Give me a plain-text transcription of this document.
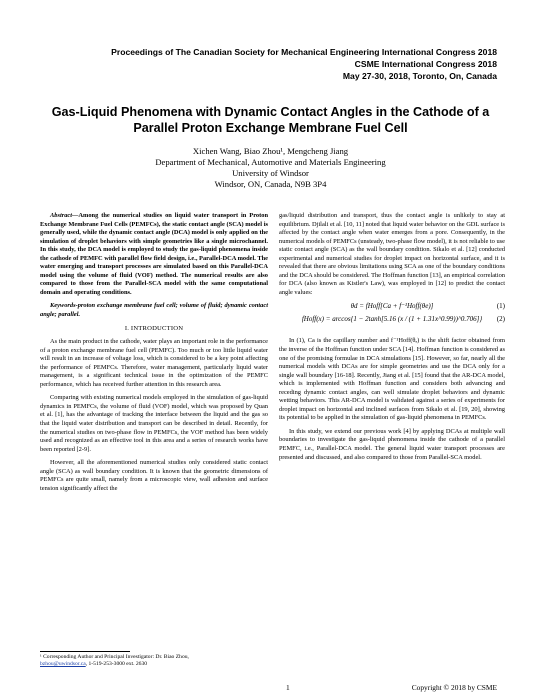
Proceedings of The Canadian Society for Mechanical Engineering International Congress 2018
CSME International Congress 2018
May 27-30, 2018, Toronto, On, Canada
Gas-Liquid Phenomena with Dynamic Contact Angles in the Cathode of a
Parallel Proton Exchange Membrane Fuel Cell
Xichen Wang, Biao Zhou¹, Mengcheng Jiang
Department of Mechanical, Automotive and Materials Engineering
University of Windsor
Windsor, ON, Canada, N9B 3P4

Abstract—Among the numerical studies on liquid water transport in Proton Exchange Membrane Fuel Cells (PEMFCs), the static contact angle (SCA) model is generally used, while the dynamic contact angle (DCA) model is only applied on the simulation of droplet behaviors with simple geometries like a single microchannel. In this study, the DCA model is employed to study the gas-liquid phenomena inside the cathode of PEMFC with parallel flow field design, i.e., Parallel-DCA model. The water emerging and transport processes are simulated based on this Parallel-DCA model using the volume of fluid (VOF) method. The numerical results are also compared to those from the Parallel-SCA model with the same computational domain and operating conditions.

Keywords-proton exchange membrane fuel cell; volume of fluid; dynamic contact angle; parallel.

I. INTRODUCTION

As the main product in the cathode, water plays an important role in the performance of a proton exchange membrane fuel cell (PEMFC). Too much or too little liquid water will result in an increase of voltage loss, which is considered to be a key point affecting the performance of PEMFCs. Therefore, water management, particularly liquid water management, is a significant technical issue in the optimization of the PEMFC performance, which has received further attention in this research area.

Comparing with existing numerical models employed in the simulation of gas-liquid dynamics in PEMFCs, the volume of fluid (VOF) model, which was proposed by Quan et al. [1], has the advantage of tracking the interface between the liquid and the gas so that the liquid water distribution and transport can be described in detail. Recently, for the numerical studies on two-phase flow in PEMFCs, the VOF method has been widely used and recognized as an effective tool in this area and a series of research works have been reported [2-9].

However, all the aforementioned numerical studies only considered static contact angle (SCA) as wall boundary condition. It is known that the geometric dimensions of PEMFCs are quite small, namely from a microscopic view, wall adhesion and surface tension significantly affect the

gas/liquid distribution and transport, thus the contact angle is unlikely to stay at equilibrium. Djilali et al. [10, 11] noted that liquid water behavior on the GDL surface is affected by the contact angle when water emerges from a pore. Consequently, in the numerical models of PEMFCs (unsteady, two-phase flow model), it is not reliable to use static contact angle (SCA) as the wall boundary condition. Sikalo et al. [12] conducted experimental and numerical studies for droplet impact on horizontal surface, and it is revealed that there are obvious limitations using SCA as one of the boundary conditions and the DCA should be considered. The Hoffman function [13], an empirical correlation for DCA (also known as Kistler's Law), was employed in [12] to predict the contact angle values:

θd = fHoff[Ca + f⁻¹Hoff(θe)]	(1)
fHoff(x) = arccos{1 − 2tanh[5.16 (x / (1 + 1.31x^0.99))^0.706]} (2)

In (1), Ca is the capillary number and f⁻¹Hoff(θₑ) is the shift factor obtained from the inverse of the Hoffman function under SCA [14]. Hoffman function is considered as one of the promising formulae in DCA simulations [15]. However, so far, nearly all the numerical models with DCAs are for simple geometries and use the DCA only for a single wall boundary [16-18]. Recently, Jiang et al. [15] found that the AR-DCA model, which is implemented with Hoffman function and considers both advancing and receding dynamic contact angles, can well simulate droplet behaviors and dynamic wetting behaviors. This AR-DCA model is validated against a series of experiments for droplet impact on horizontal and inclined surfaces from Sikalo et al. [19, 20], showing its potential to be applied in the simulation of gas-liquid phenomena in PEMFCs.

In this study, we extend our previous work [4] by applying DCAs at multiple wall boundaries to investigate the gas-liquid phenomena inside the cathode of a parallel PEMFC, i.e., Parallel-DCA model. The general liquid water transport processes are presented and discussed, and also compared to those from Parallel-SCA model.

¹ Corresponding Author and Principal Investigator: Dr. Biao Zhou,
bzhou@uwindsor.ca, 1-519-253-3000 ext. 2630
1	Copyright © 2018 by CSME
